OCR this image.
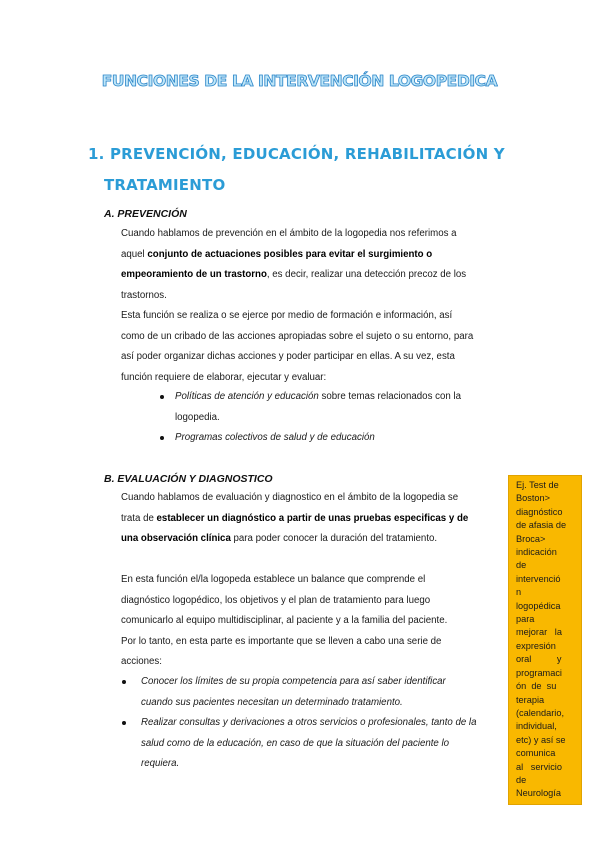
FUNCIONES DE LA INTERVENCIÓN LOGOPEDICA
1. PREVENCIÓN, EDUCACIÓN, REHABILITACIÓN Y
TRATAMIENTO
A. PREVENCIÓN
Cuando hablamos de prevención en el ámbito de la logopedia nos referimos a
aquel conjunto de actuaciones posibles para evitar el surgimiento o
empeoramiento de un trastorno, es decir, realizar una detección precoz de los
trastornos.
Esta función se realiza o se ejerce por medio de formación e información, así
como de un cribado de las acciones apropiadas sobre el sujeto o su entorno, para
así poder organizar dichas acciones y poder participar en ellas. A su vez, esta
función requiere de elaborar, ejecutar y evaluar:
Políticas de atención y educación sobre temas relacionados con la
logopedia.
Programas colectivos de salud y de educación
B. EVALUACIÓN Y DIAGNOSTICO
Cuando hablamos de evaluación y diagnostico en el ámbito de la logopedia se
trata de establecer un diagnóstico a partir de unas pruebas especificas y de
una observación clínica para poder conocer la duración del tratamiento.
En esta función el/la logopeda establece un balance que comprende el
diagnóstico logopédico, los objetivos y el plan de tratamiento para luego
comunicarlo al equipo multidisciplinar, al paciente y a la familia del paciente.
Por lo tanto, en esta parte es importante que se lleven a cabo una serie de
acciones:
Conocer los límites de su propia competencia para así saber identificar
cuando sus pacientes necesitan un determinado tratamiento.
Realizar consultas y derivaciones a otros servicios o profesionales, tanto de la
salud como de la educación, en caso de que la situación del paciente lo
requiera.
Ej. Test de
Boston>
diagnóstico
de afasia de
Broca>
indicación
de
intervenció
n
logopédica
para
mejorar   la
expresión
oral          y
programaci
ón  de  su
terapia
(calendario,
individual,
etc) y así se
comunica
al   servicio
de
Neurología
